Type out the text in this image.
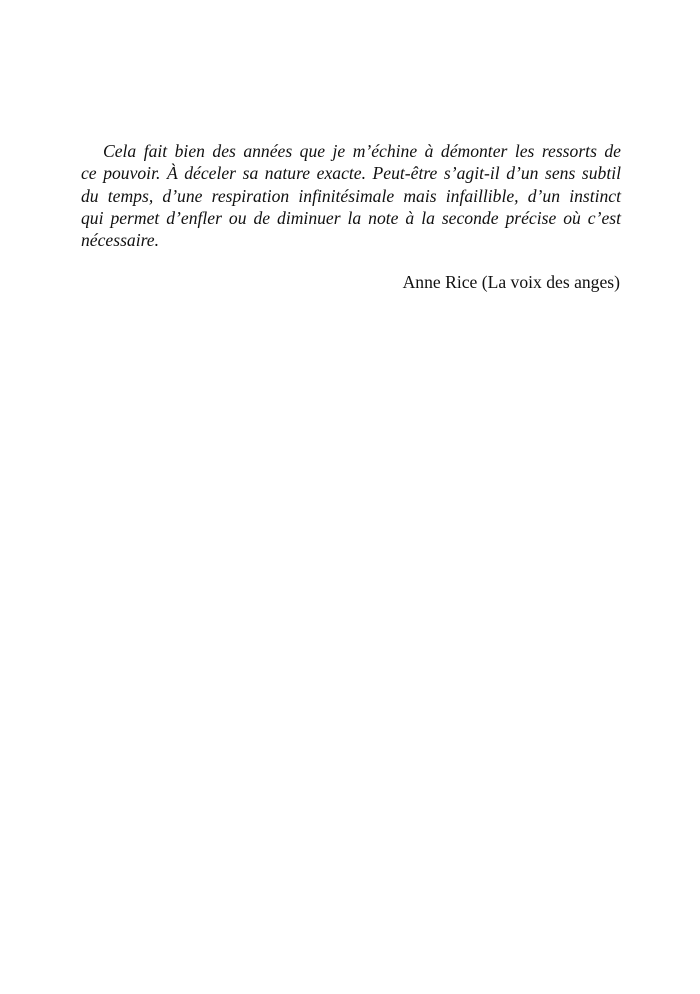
Cela fait bien des années que je m’échine à démonter les ressorts de
ce pouvoir. À déceler sa nature exacte. Peut-être s’agit-il d’un sens subtil
du temps, d’une respiration infinitésimale mais infaillible, d’un instinct
qui permet d’enfler ou de diminuer la note à la seconde précise où c’est
nécessaire.
Anne Rice (La voix des anges)
